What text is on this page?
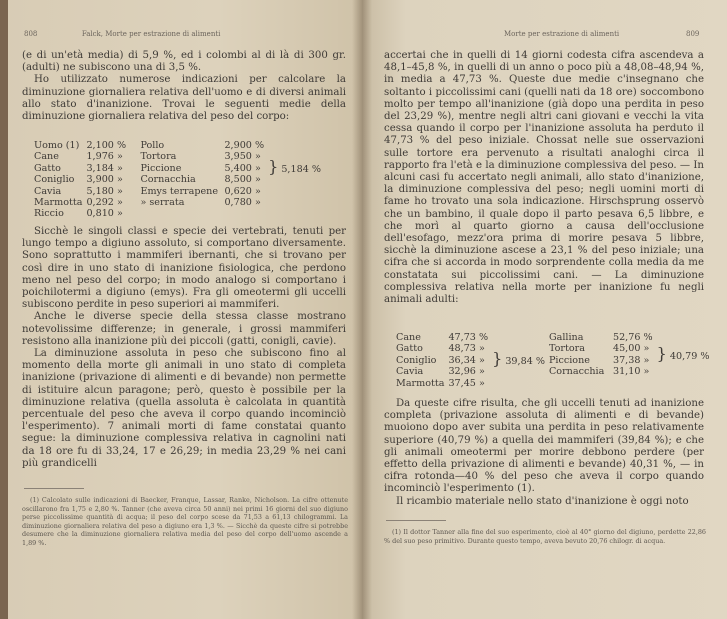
808	Falck, Morte per estrazione di alimenti

(e di un'età media) di 5,9 %, ed i colombi al di là di 300 gr. (adulti) ne subiscono una di 3,5 %.

Ho utilizzato numerose indicazioni per calcolare la diminuzione giornaliera relativa dell'uomo e di diversi animali allo stato d'inanizione. Trovai le seguenti medie della diminuzione giornaliera relativa del peso del corpo:

Uomo (1)	2,100 %	Pollo	2,900 %	
Cane	1,976 »	Tortora	3,950 »	} 5,184 %
Gatto	3,184 »	Piccione	5,400 »	
Coniglio	3,900 »	Cornacchia	8,500 »	
Cavia	5,180 »	Emys terrapene	0,620 »	
Marmotta	0,292 »	» serrata	0,780 »	
Riccio	0,810 »			

Sicchè le singoli classi e specie dei vertebrati, tenuti per lungo tempo a digiuno assoluto, si comportano diversamente. Sono soprattutto i mammiferi ibernanti, che si trovano per così dire in uno stato di inanizione fisiologica, che perdono meno nel peso del corpo; in modo analogo si comportano i poichilotermi a digiuno (emys). Fra gli omeotermi gli uccelli subiscono perdite in peso superiori ai mammiferi.

Anche le diverse specie della stessa classe mostrano notevolissime differenze; in generale, i grossi mammiferi resistono alla inanizione più dei piccoli (gatti, conigli, cavie).

La diminuzione assoluta in peso che subiscono fino al momento della morte gli animali in uno stato di completa inanizione (privazione di alimenti e di bevande) non permette di istituire alcun paragone; però, questo è possibile per la diminuzione relativa (quella assoluta è calcolata in quantità percentuale del peso che aveva il corpo quando incominciò l'esperimento). 7 animali morti di fame constatai quanto segue: la diminuzione complessiva relativa in cagnolini nati da 18 ore fu di 33,24, 17 e 26,29; in media 23,29 % nei cani più grandicelli

(1) Calcolato sulle indicazioni di Baecker, Franque, Lassar, Ranke, Nicholson. La cifre ottenute oscillarono fra 1,75 e 2,80 %. Tanner (che aveva circa 50 anni) nei primi 16 giorni del suo digiuno perse piccolissime quantità di acqua; il peso del corpo scese da 71,53 a 61,13 chilogrammi. La diminuzione giornaliera relativa del peso a digiuno era 1,3 %. — Sicchè da queste cifre si potrebbe desumere che la diminuzione giornaliera relativa media del peso del corpo dell'uomo ascende a 1,89 %.

Morte per estrazione di alimenti	809

accertai che in quelli di 14 giorni codesta cifra ascendeva a 48,1–45,8 %, in quelli di un anno o poco più a 48,08–48,94 %, in media a 47,73 %. Queste due medie c'insegnano che soltanto i piccolissimi cani (quelli nati da 18 ore) soccombono molto per tempo all'inanizione (già dopo una perdita in peso del 23,29 %), mentre negli altri cani giovani e vecchi la vita cessa quando il corpo per l'inanizione assoluta ha perduto il 47,73 % del peso iniziale. Chossat nelle sue osservazioni sulle tortore era pervenuto a risultati analoghi circa il rapporto fra l'età e la diminuzione complessiva del peso. — In alcuni casi fu accertato negli animali, allo stato d'inanizione, la diminuzione complessiva del peso; negli uomini morti di fame ho trovato una sola indicazione. Hirschsprung osservò che un bambino, il quale dopo il parto pesava 6,5 libbre, e che morì al quarto giorno a causa dell'occlusione dell'esofago, mezz'ora prima di morire pesava 5 libbre, sicchè la diminuzione ascese a 23,1 % del peso iniziale; una cifra che si accorda in modo sorprendente colla media da me constatata sui piccolissimi cani. — La diminuzione complessiva relativa nella morte per inanizione fu negli animali adulti:

Cane	47,73 %		Gallina	52,76 %	
Gatto	48,73 »	} 39,84 %	Tortora	45,00 »	} 40,79 %
Coniglio	36,34 »		Piccione	37,38 »	
Cavia	32,96 »		Cornacchia	31,10 »	
Marmotta	37,45 »				

Da queste cifre risulta, che gli uccelli tenuti ad inanizione completa (privazione assoluta di alimenti e di bevande) muoiono dopo aver subita una perdita in peso relativamente superiore (40,79 %) a quella dei mammiferi (39,84 %); e che gli animali omeotermi per morire debbono perdere (per effetto della privazione di alimenti e bevande) 40,31 %, — in cifra rotonda—40 % del peso che aveva il corpo quando incominciò l'esperimento (1).

Il ricambio materiale nello stato d'inanizione è oggi noto

(1) Il dottor Tanner alla fine del suo esperimento, cioè al 40° giorno del digiuno, perdette 22,86 % del suo peso primitivo. Durante questo tempo, aveva bevuto 20,76 chilogr. di acqua.
